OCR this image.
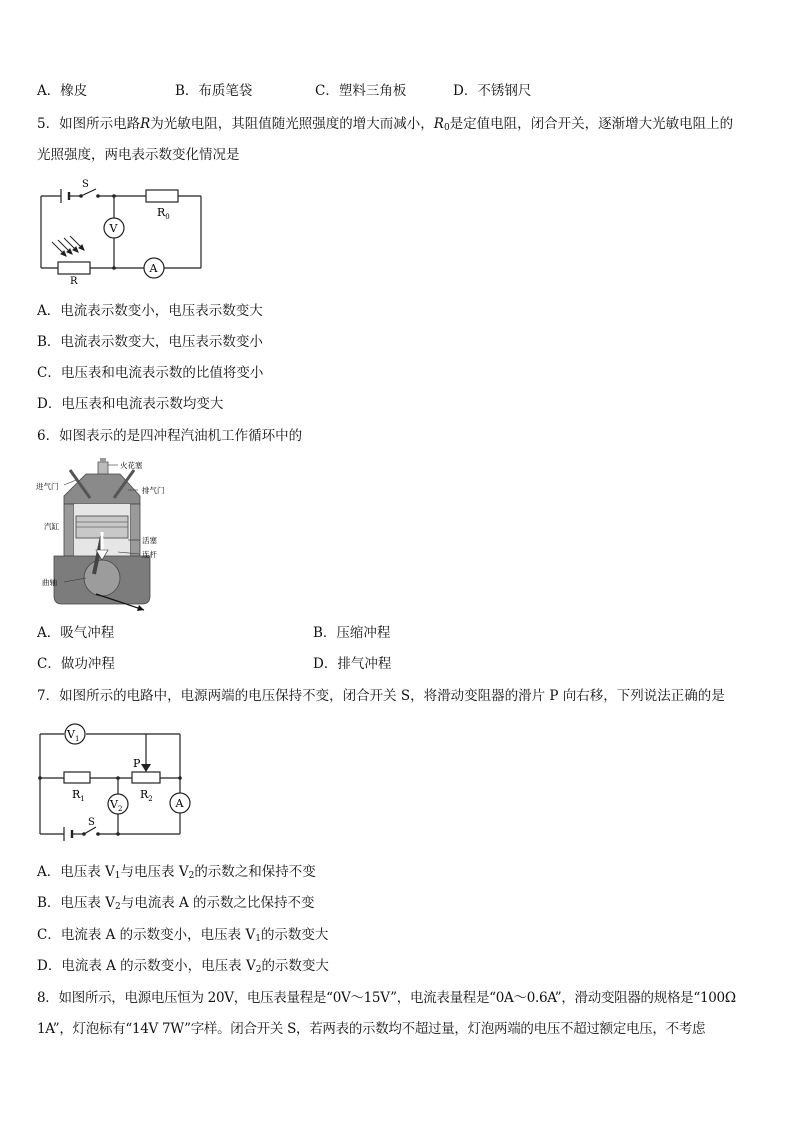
A．橡皮	B．布质笔袋	C．塑料三角板	D．不锈钢尺
5．如图所示电路R为光敏电阻，其阻值随光照强度的增大而减小，$R_0$是定值电阻，闭合开关，逐渐增大光敏电阻上的
光照强度，两电表示数变化情况是
S
$R_0$
V
A
R
A．电流表示数变小，电压表示数变大
B．电流表示数变大，电压表示数变小
C．电压表和电流表示数的比值将变小
D．电压表和电流表示数均变大
6．如图表示的是四冲程汽油机工作循环中的
进气门
火花塞
排气门
汽缸
活塞
连杆
曲轴
A．吸气冲程	B．压缩冲程
C．做功冲程	D．排气冲程
7．如图所示的电路中，电源两端的电压保持不变，闭合开关 S，将滑动变阻器的滑片 P 向右移，下列说法正确的是
$V_1$
$R_1$
P
$R_2$
$V_2$	A
S
A．电压表 $V_1$与电压表 $V_2$的示数之和保持不变
B．电压表 $V_2$与电流表 A 的示数之比保持不变
C．电流表 A 的示数变小，电压表 $V_1$的示数变大
D．电流表 A 的示数变小，电压表 $V_2$的示数变大
8．如图所示，电源电压恒为 20V，电压表量程是“0V～15V”，电流表量程是“0A～0.6A”，滑动变阻器的规格是“100Ω
1A”，灯泡标有“14V 7W”字样。闭合开关 S，若两表的示数均不超过量，灯泡两端的电压不超过额定电压，不考虑
